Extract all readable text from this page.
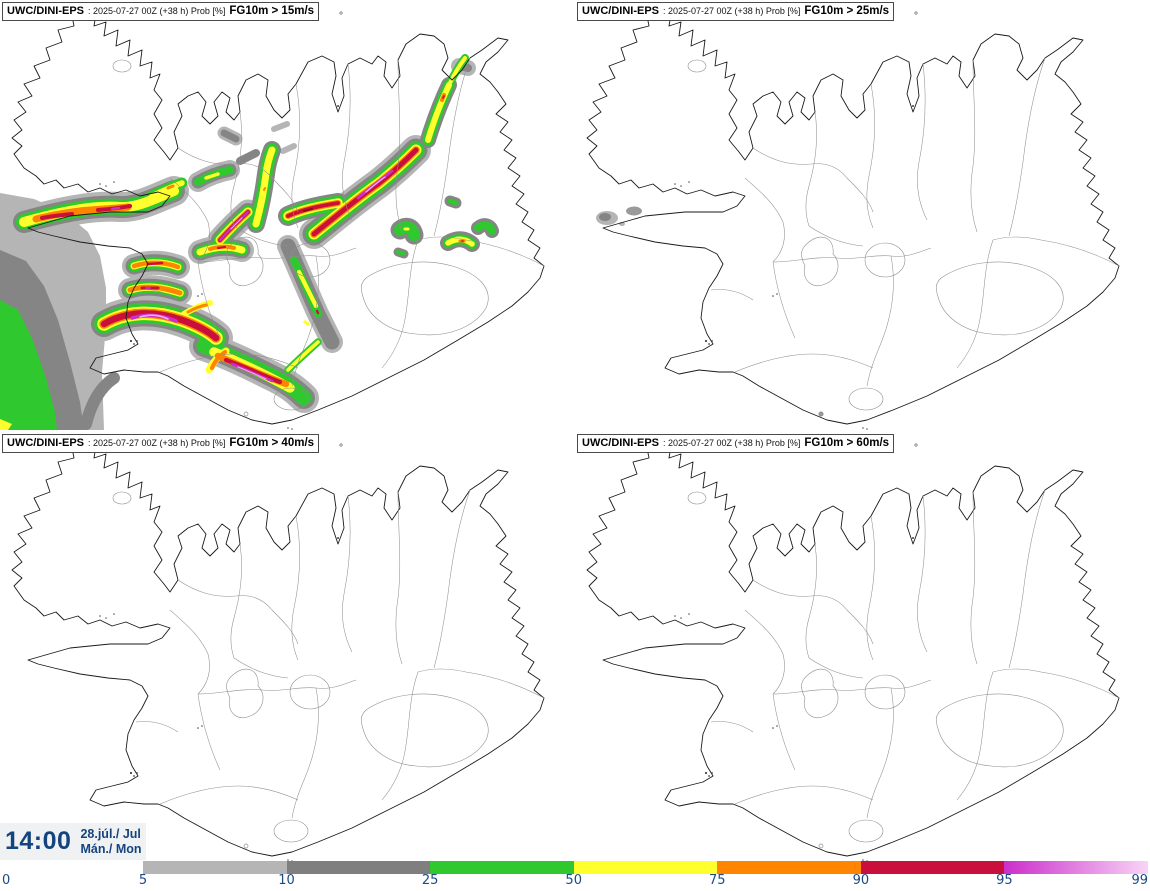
UWC/DINI-EPS : 2025-07-27 00Z (+38 h) Prob [%] FG10m > 15m/s	UWC/DINI-EPS : 2025-07-27 00Z (+38 h) Prob [%] FG10m > 25m/s
UWC/DINI-EPS : 2025-07-27 00Z (+38 h) Prob [%] FG10m > 40m/s	UWC/DINI-EPS : 2025-07-27 00Z (+38 h) Prob [%] FG10m > 60m/s
14:00 28.júl./ Jul
Mán./ Mon
0	5	10	25	50	75	90	95	99
